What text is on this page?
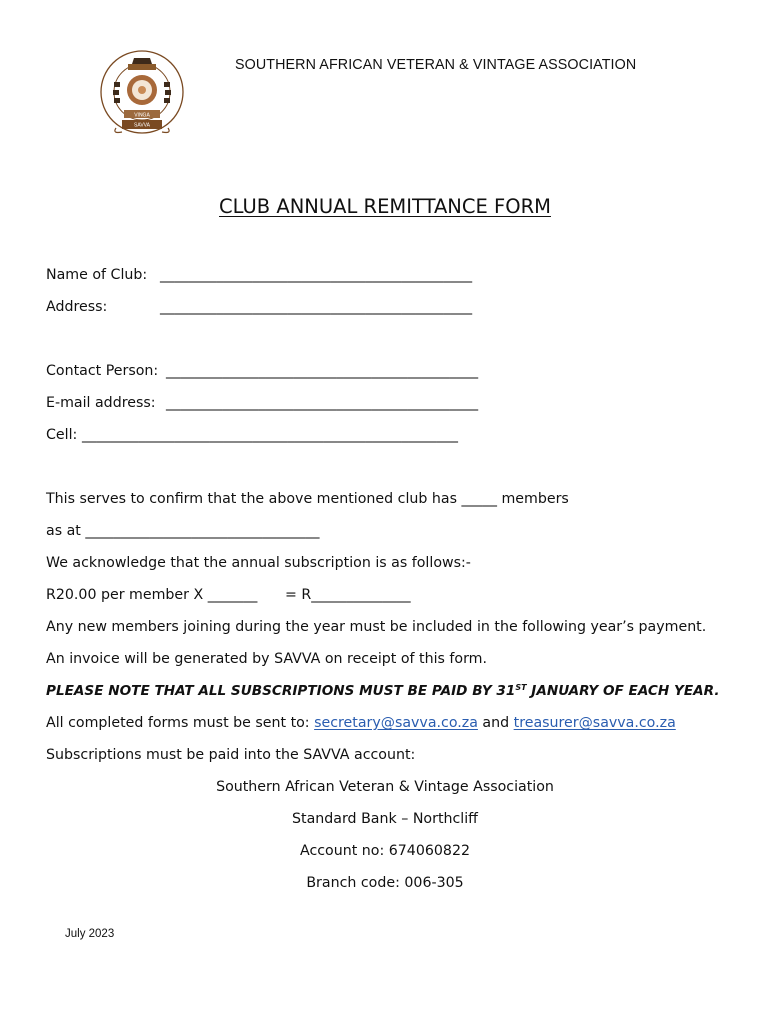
VINGA
SAVVA
SOUTHERN AFRICAN VETERAN & VINTAGE ASSOCIATION
CLUB ANNUAL REMITTANCE FORM
Name of Club: ____________________________________________
Address:	____________________________________________
Contact Person: ____________________________________________
E-mail address: ____________________________________________
Cell: _____________________________________________________
This serves to confirm that the above mentioned club has _____ members
as at _________________________________
We acknowledge that the annual subscription is as follows:-
R20.00 per member X _______ = R______________
Any new members joining during the year must be included in the following year’s payment.
An invoice will be generated by SAVVA on receipt of this form.
PLEASE NOTE THAT ALL SUBSCRIPTIONS MUST BE PAID BY 31ST JANUARY OF EACH YEAR.
All completed forms must be sent to: secretary@savva.co.za and treasurer@savva.co.za
Subscriptions must be paid into the SAVVA account:
Southern African Veteran & Vintage Association
Standard Bank – Northcliff
Account no: 674060822
Branch code: 006-305
July 2023
